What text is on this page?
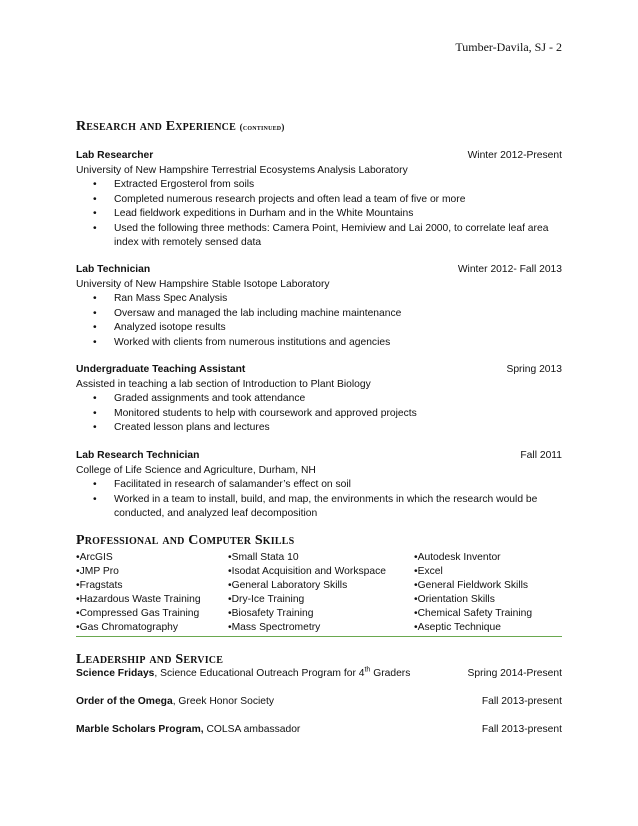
Tumber-Davila, SJ - 2
Research and Experience (continued)
Lab Researcher	Winter 2012-Present
University of New Hampshire Terrestrial Ecosystems Analysis Laboratory
• Extracted Ergosterol from soils
• Completed numerous research projects and often lead a team of five or more
• Lead fieldwork expeditions in Durham and in the White Mountains
• Used the following three methods: Camera Point, Hemiview and Lai 2000, to correlate leaf area index with remotely sensed data
Lab Technician	Winter 2012- Fall 2013
University of New Hampshire Stable Isotope Laboratory
• Ran Mass Spec Analysis
• Oversaw and managed the lab including machine maintenance
• Analyzed isotope results
• Worked with clients from numerous institutions and agencies
Undergraduate Teaching Assistant	Spring 2013
Assisted in teaching a lab section of Introduction to Plant Biology
• Graded assignments and took attendance
• Monitored students to help with coursework and approved projects
• Created lesson plans and lectures
Lab Research Technician	Fall 2011
College of Life Science and Agriculture, Durham, NH
• Facilitated in research of salamander’s effect on soil
• Worked in a team to install, build, and map, the environments in which the research would be conducted, and analyzed leaf decomposition
Professional and Computer Skills
•ArcGIS	•Small Stata 10	•Autodesk Inventor
•JMP Pro	•Isodat Acquisition and Workspace	•Excel
•Fragstats	•General Laboratory Skills	•General Fieldwork Skills
•Hazardous Waste Training	•Dry-Ice Training	•Orientation Skills
•Compressed Gas Training	•Biosafety Training	•Chemical Safety Training
•Gas Chromatography	•Mass Spectrometry	•Aseptic Technique
Leadership and Service
Science Fridays, Science Educational Outreach Program for 4th Graders	Spring 2014-Present
Order of the Omega, Greek Honor Society	Fall 2013-present
Marble Scholars Program, COLSA ambassador	Fall 2013-present
